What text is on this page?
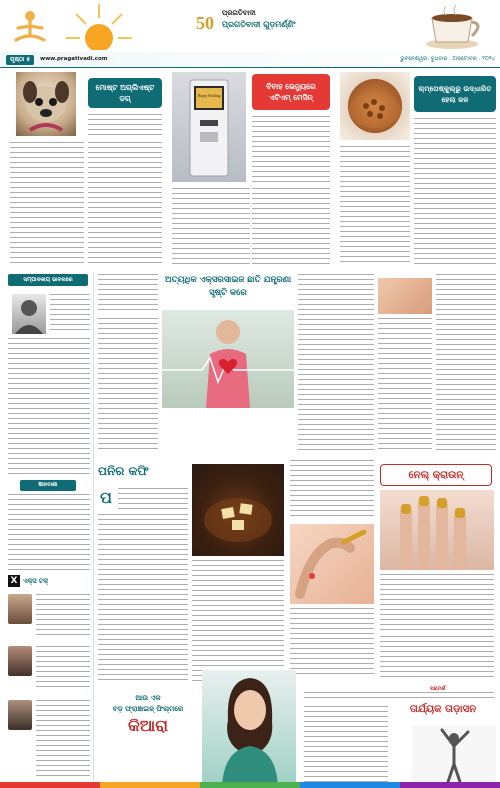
50 ପ୍ରଗତିବାଦୀ
ପ୍ରଗତିବାଦୀ ଗୁଡ଼ମର୍ଣ୍ଣିଂ
ପୃଷ୍ଠା ୫	www.pragativadi.com	ଭୁବନେଶ୍ୱର, ବୁଧବାର . ଅକ୍ଟୋବର . ୨୦୨୪
ମୋଷ୍ଟ ଅଗ୍ଲିଏଷ୍ଟ ଡଗ୍	Happy Wedding
ବିବାହ ଭେନ୍ୟୁରେ ଏଟିଏମ୍ ମେସିନ୍
ଚାମ୍ପେଷ୍କୁଲ୍ରୁ ଉଦ୍ଧାରିତ ହେଲା ଜଳ
ସମ୍ପାଦକୀୟ ଭାବନାରେ
ଜ୍ଞାନବାଣୀ
X ଏକ୍ସ ଟକ୍
ଅତ୍ୟଧିକ ଏକ୍ସରସାଇଜ ଛାତି ଯନ୍ତ୍ରଣା ସୃଷ୍ଟି କରେ
ପନିର କଫି
ପ
ନେଲ୍ କ୍ରାଉନ୍
ଆଉ ଏକ
ବଡ଼ ଫ୍ରାଞ୍ଚାଇଜ୍ ଫିଲ୍ମରେ
କିଆରା
ପରାମର୍ଶ
ତାର୍ଯ୍ୟକ ତାଡ଼ାସନ
